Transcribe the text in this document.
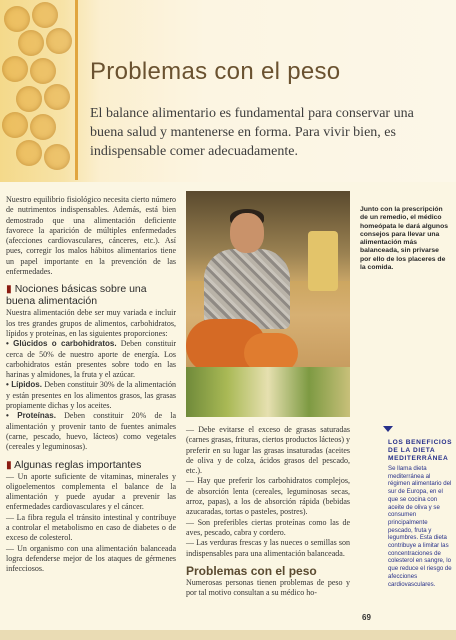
Problemas con el peso

El balance alimentario es fundamental para conservar una buena salud y mantenerse en forma. Para vivir bien, es indispensable comer adecuadamente.

Nuestro equilibrio fisiológico necesita cierto número de nutrimentos indispensables. Además, está bien demostrado que una alimentación deficiente favorece la aparición de múltiples enfermedades (afecciones cardiovasculares, cánceres, etc.). Así pues, corregir los malos hábitos alimentarios tiene un papel importante en la prevención de las enfermedades.

▮ Nociones básicas sobre una buena alimentación

Nuestra alimentación debe ser muy variada e incluir los tres grandes grupos de alimentos, carbohidratos, lípidos y proteínas, en las siguientes proporciones:

• Glúcidos o carbohidratos. Deben constituir cerca de 50% de nuestro aporte de energía. Los carbohidratos están presentes sobre todo en las harinas y almidones, la fruta y el azúcar.

• Lípidos. Deben constituir 30% de la alimentación y están presentes en los alimentos grasos, las grasas propiamente dichas y los aceites.

• Proteínas. Deben constituir 20% de la alimentación y provenir tanto de fuentes animales (carne, pescado, huevo, lácteos) como vegetales (cereales y leguminosas).

▮ Algunas reglas importantes

— Un aporte suficiente de vitaminas, minerales y oligoelementos complementa el balance de la alimentación y puede ayudar a prevenir las enfermedades cardiovasculares y el cáncer.

— La fibra regula el tránsito intestinal y contribuye a controlar el metabolismo en caso de diabetes o de exceso de colesterol.

— Un organismo con una alimentación balanceada logra defenderse mejor de los ataques de gérmenes infecciosos.

Junto con la prescripción de un remedio, el médico homeópata le dará algunos consejos para llevar una alimentación más balanceada, sin privarse por ello de los placeres de la comida.

— Debe evitarse el exceso de grasas saturadas (carnes grasas, frituras, ciertos productos lácteos) y preferir en su lugar las grasas insaturadas (aceites de oliva y de colza, ácidos grasos del pescado, etc.).

— Hay que preferir los carbohidratos complejos, de absorción lenta (cereales, leguminosas secas, arroz, papas), a los de absorción rápida (bebidas azucaradas, tortas o pasteles, postres).

— Son preferibles ciertas proteínas como las de aves, pescado, cabra y cordero.

— Las verduras frescas y las nueces o semillas son indispensables para una alimentación balanceada.

Problemas con el peso

Numerosas personas tienen problemas de peso y por tal motivo consultan a su médico ho-

LOS BENEFICIOS DE LA DIETA MEDITERRÁNEA

Se llama dieta mediterránea al régimen alimentario del sur de Europa, en el que se cocina con aceite de oliva y se consumen principalmente pescado, fruta y legumbres. Esta dieta contribuye a limitar las concentraciones de colesterol en sangre, lo que reduce el riesgo de afecciones cardiovasculares.

69
